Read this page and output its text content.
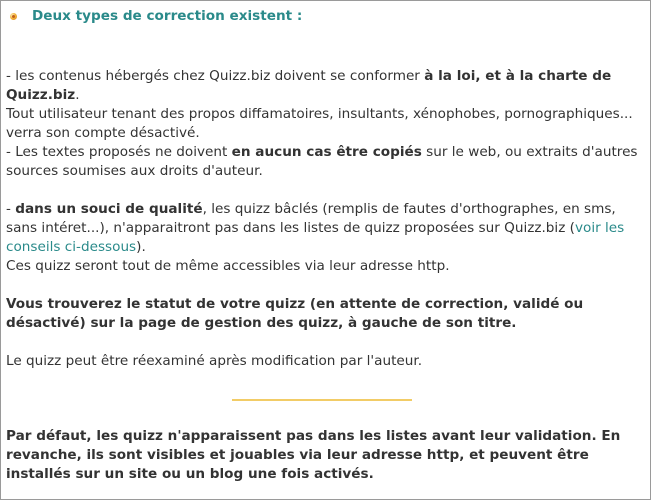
Deux types de correction existent :

- les contenus hébergés chez Quizz.biz doivent se conformer à la loi, et à la charte de Quizz.biz.

Tout utilisateur tenant des propos diffamatoires, insultants, xénophobes, pornographiques... verra son compte désactivé.

- Les textes proposés ne doivent en aucun cas être copiés sur le web, ou extraits d'autres sources soumises aux droits d'auteur.

- dans un souci de qualité, les quizz bâclés (remplis de fautes d'orthographes, en sms, sans intéret...), n'apparaitront pas dans les listes de quizz proposées sur Quizz.biz (voir les conseils ci-dessous).

Ces quizz seront tout de même accessibles via leur adresse http.

Vous trouverez le statut de votre quizz (en attente de correction, validé ou désactivé) sur la page de gestion des quizz, à gauche de son titre.

Le quizz peut être réexaminé après modification par l'auteur.

Par défaut, les quizz n'apparaissent pas dans les listes avant leur validation. En revanche, ils sont visibles et jouables via leur adresse http, et peuvent être installés sur un site ou un blog une fois activés.
